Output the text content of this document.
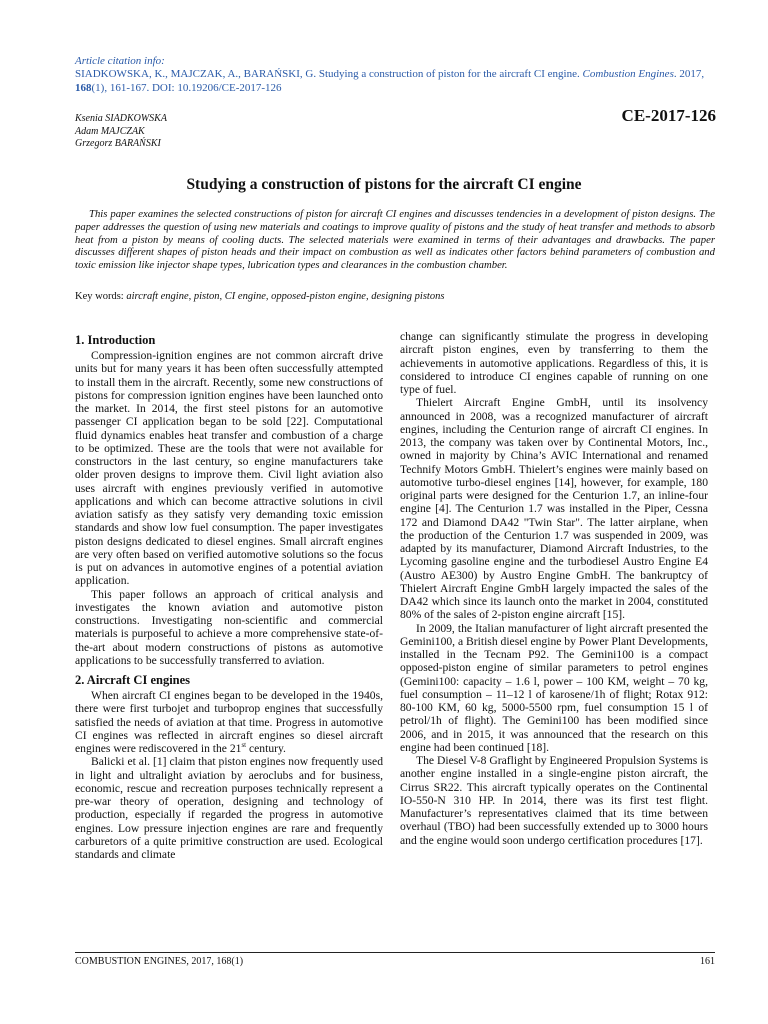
Article citation info:
SIADKOWSKA, K., MAJCZAK, A., BARAŃSKI, G. Studying a construction of piston for the aircraft CI engine. Combustion Engines. 2017, 168(1), 161-167. DOI: 10.19206/CE-2017-126
Ksenia SIADKOWSKA
Adam MAJCZAK
Grzegorz BARAŃSKI
CE-2017-126
Studying a construction of pistons for the aircraft CI engine
This paper examines the selected constructions of piston for aircraft CI engines and discusses tendencies in a development of piston designs. The paper addresses the question of using new materials and coatings to improve quality of pistons and the study of heat transfer and methods to absorb heat from a piston by means of cooling ducts. The selected materials were examined in terms of their advantages and drawbacks. The paper discusses different shapes of piston heads and their impact on combustion as well as indicates other factors behind parameters of combustion and toxic emission like injector shape types, lubrication types and clearances in the combustion chamber.
Key words: aircraft engine, piston, CI engine, opposed-piston engine, designing pistons
1. Introduction

Compression-ignition engines are not common aircraft drive units but for many years it has been often successfully attempted to install them in the aircraft. Recently, some new constructions of pistons for compression ignition engines have been launched onto the market. In 2014, the first steel pistons for an automotive passenger CI application began to be sold [22]. Computational fluid dynamics enables heat transfer and combustion of a charge to be optimized. These are the tools that were not available for constructors in the last century, so engine manufacturers take older proven designs to improve them. Civil light aviation also uses aircraft with engines previously verified in automotive applications and which can become attractive solutions in civil aviation satisfy as they satisfy very demanding toxic emission standards and show low fuel consumption. The paper investigates piston designs dedicated to diesel engines. Small aircraft engines are very often based on verified automotive solutions so the focus is put on advances in automotive engines of a potential aviation application.

This paper follows an approach of critical analysis and investigates the known aviation and automotive piston constructions. Investigating non-scientific and commercial materials is purposeful to achieve a more comprehensive state-of-the-art about modern constructions of pistons as automotive applications to be successfully transferred to aviation.

2. Aircraft CI engines

When aircraft CI engines began to be developed in the 1940s, there were first turbojet and turboprop engines that successfully satisfied the needs of aviation at that time. Progress in automotive CI engines was reflected in aircraft engines so diesel aircraft engines were rediscovered in the 21st century.

Balicki et al. [1] claim that piston engines now frequently used in light and ultralight aviation by aeroclubs and for business, economic, rescue and recreation purposes technically represent a pre-war theory of operation, designing and technology of production, especially if regarded the progress in automotive engines. Low pressure injection engines are rare and frequently carburetors of a quite primitive construction are used. Ecological standards and climate

change can significantly stimulate the progress in developing aircraft piston engines, even by transferring to them the achievements in automotive applications. Regardless of this, it is considered to introduce CI engines capable of running on one type of fuel.

Thielert Aircraft Engine GmbH, until its insolvency announced in 2008, was a recognized manufacturer of aircraft engines, including the Centurion range of aircraft CI engines. In 2013, the company was taken over by Continental Motors, Inc., owned in majority by China’s AVIC International and renamed Technify Motors GmbH. Thielert’s engines were mainly based on automotive turbo-diesel engines [14], however, for example, 180 original parts were designed for the Centurion 1.7, an inline-four engine [4]. The Centurion 1.7 was installed in the Piper, Cessna 172 and Diamond DA42 "Twin Star". The latter airplane, when the production of the Centurion 1.7 was suspended in 2009, was adapted by its manufacturer, Diamond Aircraft Industries, to the Lycoming gasoline engine and the turbodiesel Austro Engine E4 (Austro AE300) by Austro Engine GmbH. The bankruptcy of Thielert Aircraft Engine GmbH largely impacted the sales of the DA42 which since its launch onto the market in 2004, constituted 80% of the sales of 2-piston engine aircraft [15].

In 2009, the Italian manufacturer of light aircraft presented the Gemini100, a British diesel engine by Power Plant Developments, installed in the Tecnam P92. The Gemini100 is a compact opposed-piston engine of similar parameters to petrol engines (Gemini100: capacity – 1.6 l, power – 100 KM, weight – 70 kg, fuel consumption – 11–12 l of karosene/1h of flight; Rotax 912: 80-100 KM, 60 kg, 5000-5500 rpm, fuel consumption 15 l of petrol/1h of flight). The Gemini100 has been modified since 2006, and in 2015, it was announced that the research on this engine had been continued [18].

The Diesel V-8 Graflight by Engineered Propulsion Systems is another engine installed in a single-engine piston aircraft, the Cirrus SR22. This aircraft typically operates on the Continental IO-550-N 310 HP. In 2014, there was its first test flight. Manufacturer’s representatives claimed that its time between overhaul (TBO) had been successfully extended up to 3000 hours and the engine would soon undergo certification procedures [17].

COMBUSTION ENGINES, 2017, 168(1)	161
